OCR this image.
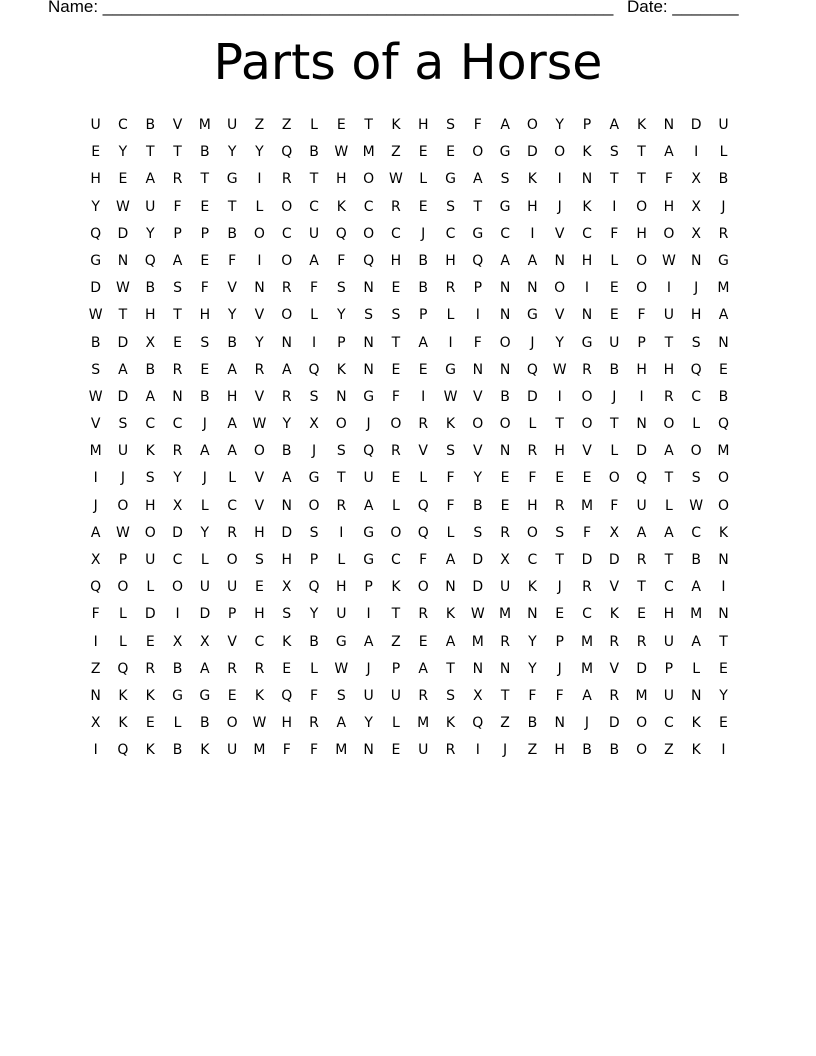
Name: ______________________________________________________ Date: _______
Parts of a Horse
U C B V M U Z Z L E T K H S F A O Y P A K N D U
E Y T T B Y Y Q B W M Z E E O G D O K S T A I L
H E A R T G I R T H O W L G A S K I N T T F X B
Y W U F E T L O C K C R E S T G H J K I O H X J
Q D Y P P B O C U Q O C J C G C I V C F H O X R
G N Q A E F I O A F Q H B H Q A A N H L O W N G
D W B S F V N R F S N E B R P N N O I E O I J M
W T H T H Y V O L Y S S P L I N G V N E F U H A
B D X E S B Y N I P N T A I F O J Y G U P T S N
S A B R E A R A Q K N E E G N N Q W R B H H Q E
W D A N B H V R S N G F I W V B D I O J I R C B
V S C C J A W Y X O J O R K O O L T O T N O L Q
M U K R A A O B J S Q R V S V N R H V L D A O M
I J S Y J L V A G T U E L F Y E F E E O Q T S O
J O H X L C V N O R A L Q F B E H R M F U L W O
A W O D Y R H D S I G O Q L S R O S F X A A C K
X P U C L O S H P L G C F A D X C T D D R T B N
Q O L O U U E X Q H P K O N D U K J R V T C A I
F L D I D P H S Y U I T R K W M N E C K E H M N
I L E X X V C K B G A Z E A M R Y P M R R U A T
Z Q R B A R R E L W J P A T N N Y J M V D P L E
N K K G G E K Q F S U U R S X T F F A R M U N Y
X K E L B O W H R A Y L M K Q Z B N J D O C K E
I Q K B K U M F F M N E U R I J Z H B B O Z K I
